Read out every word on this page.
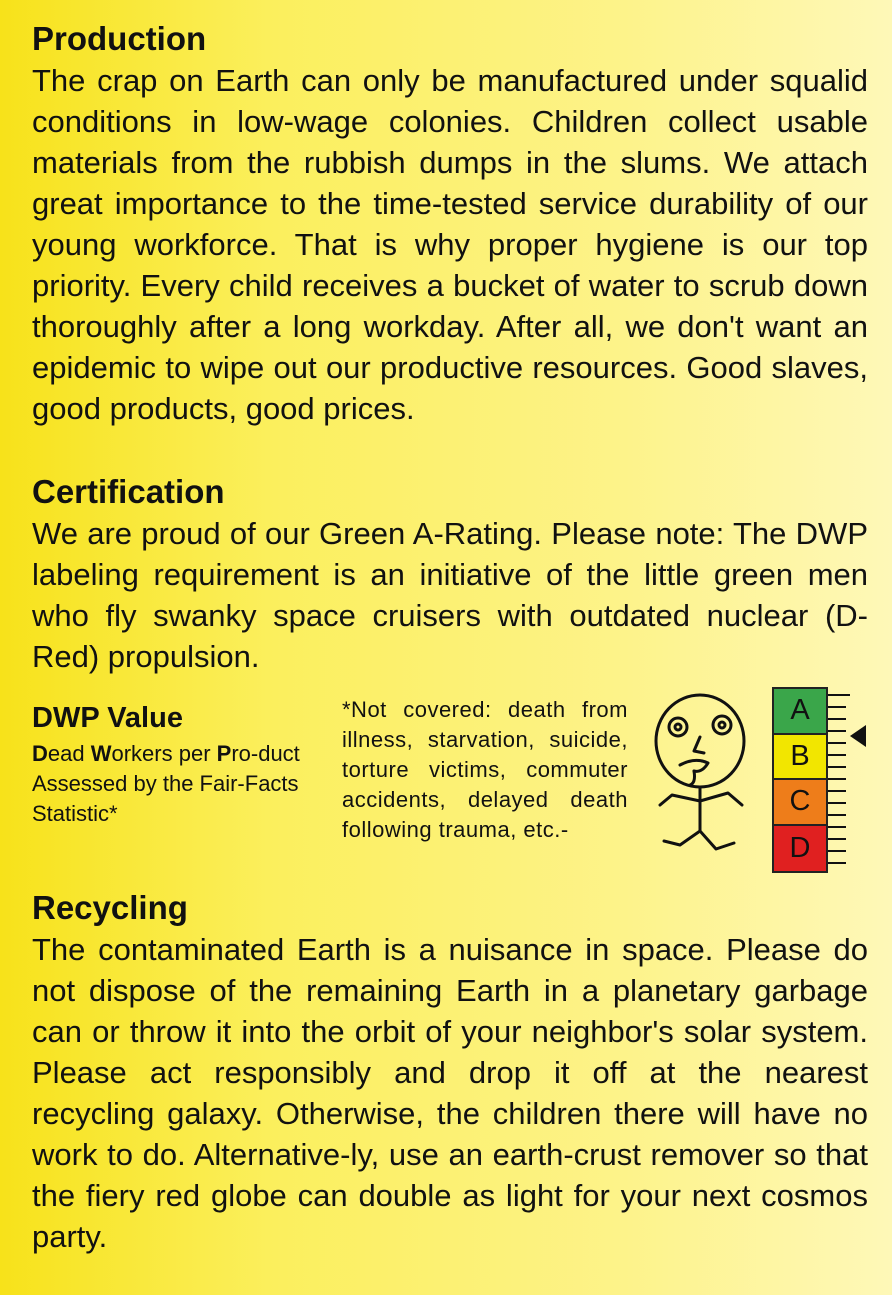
Production

The crap on Earth can only be manufactured under squalid conditions in low-wage colonies. Children collect usable materials from the rubbish dumps in the slums. We attach great importance to the time-tested service durability of our young workforce. That is why proper hygiene is our top priority. Every child receives a bucket of water to scrub down thoroughly after a long workday. After all, we don't want an epidemic to wipe out our productive resources. Good slaves, good products, good prices.

Certification

We are proud of our Green A-Rating. Please note: The DWP labeling requirement is an initiative of the little green men who fly swanky space cruisers with outdated nuclear (D-Red) propulsion.

DWP Value
Dead Workers per Pro-duct Assessed by the Fair-Facts Statistic*
*Not covered: death from illness, starvation, suicide, torture victims, commuter accidents, delayed death following trauma, etc.-
A
B
C
D
Recycling

The contaminated Earth is a nuisance in space. Please do not dispose of the remaining Earth in a planetary garbage can or throw it into the orbit of your neighbor's solar system. Please act responsibly and drop it off at the nearest recycling galaxy. Otherwise, the children there will have no work to do. Alternative-ly, use an earth-crust remover so that the fiery red globe can double as light for your next cosmos party.
